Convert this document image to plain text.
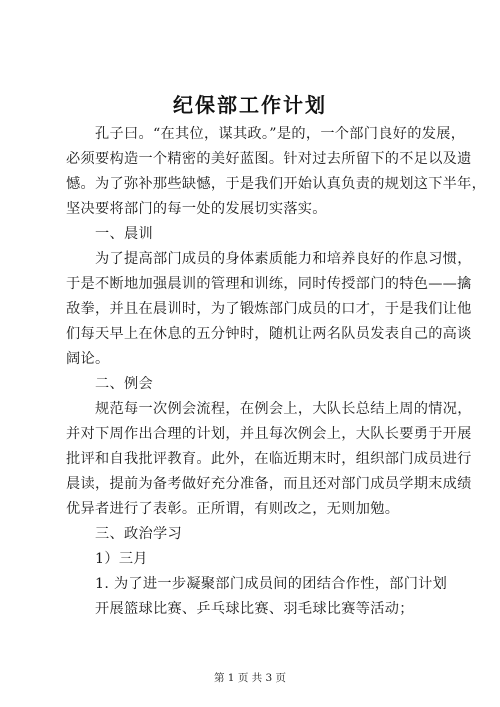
纪保部工作计划
孔子曰。“在其位，谋其政。”是的，一个部门良好的发展，
必须要构造一个精密的美好蓝图。针对过去所留下的不足以及遗
憾。为了弥补那些缺憾，于是我们开始认真负责的规划这下半年，
坚决要将部门的每一处的发展切实落实。
一、晨训
为了提高部门成员的身体素质能力和培养良好的作息习惯，
于是不断地加强晨训的管理和训练，同时传授部门的特色——擒
敌拳，并且在晨训时，为了锻炼部门成员的口才，于是我们让他
们每天早上在休息的五分钟时，随机让两名队员发表自己的高谈
阔论。
二、例会
规范每一次例会流程，在例会上，大队长总结上周的情况，
并对下周作出合理的计划，并且每次例会上，大队长要勇于开展
批评和自我批评教育。此外，在临近期末时，组织部门成员进行
晨读，提前为备考做好充分准备，而且还对部门成员学期末成绩
优异者进行了表彰。正所谓，有则改之，无则加勉。
三、政治学习
1）三月
1. 为了进一步凝聚部门成员间的团结合作性，部门计划
开展篮球比赛、乒乓球比赛、羽毛球比赛等活动；
第 1 页 共 3 页
